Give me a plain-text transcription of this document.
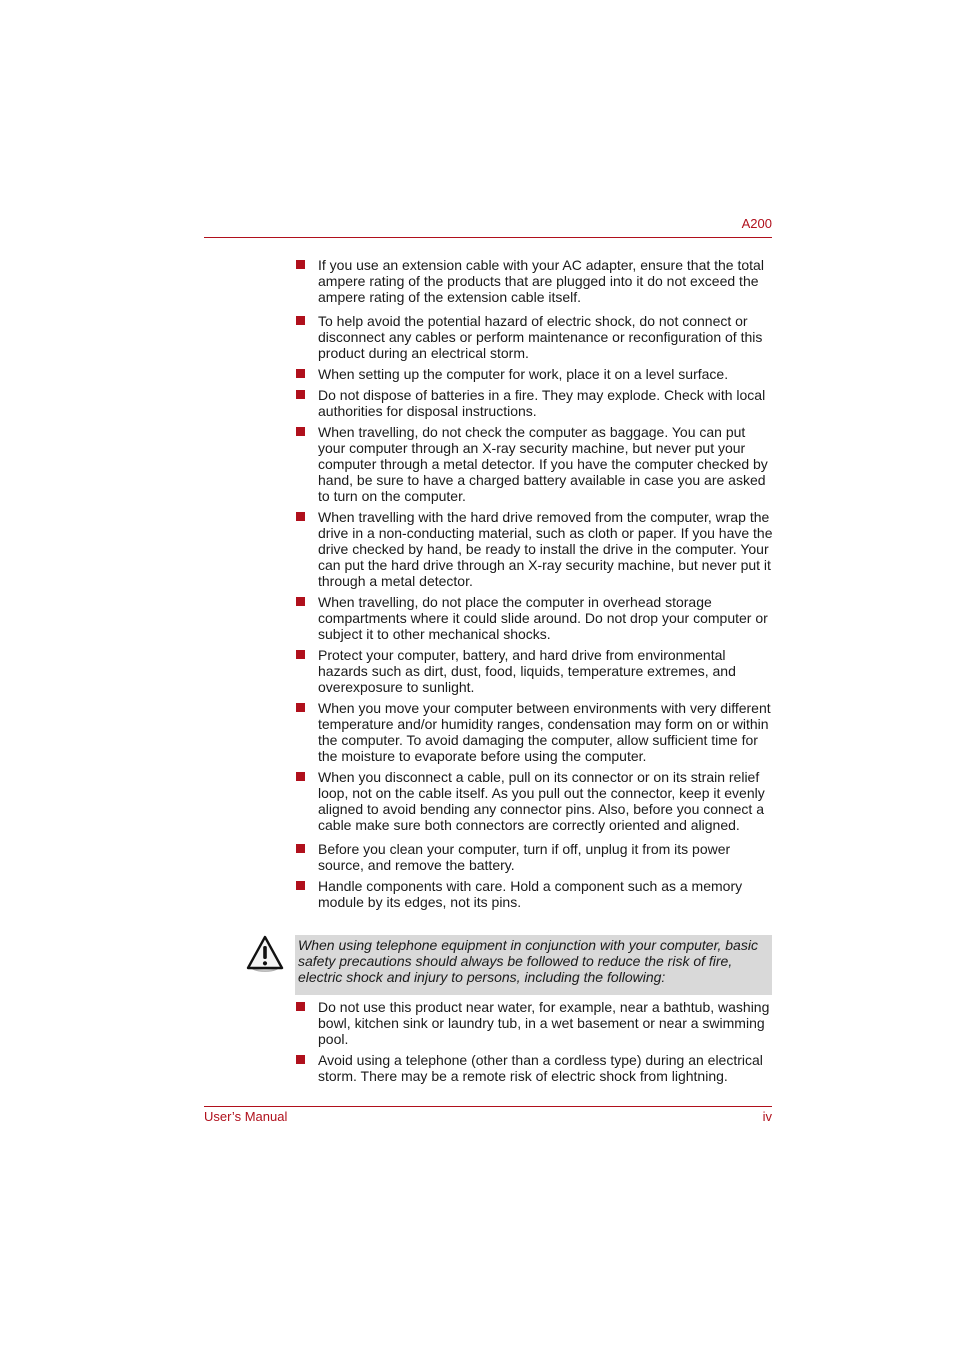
A200
If you use an extension cable with your AC adapter, ensure that the total ampere rating of the products that are plugged into it do not exceed the ampere rating of the extension cable itself.
To help avoid the potential hazard of electric shock, do not connect or disconnect any cables or perform maintenance or reconfiguration of this product during an electrical storm.
When setting up the computer for work, place it on a level surface.
Do not dispose of batteries in a fire. They may explode. Check with local authorities for disposal instructions.
When travelling, do not check the computer as baggage. You can put your computer through an X-ray security machine, but never put your computer through a metal detector. If you have the computer checked by hand, be sure to have a charged battery available in case you are asked to turn on the computer.
When travelling with the hard drive removed from the computer, wrap the drive in a non-conducting material, such as cloth or paper. If you have the drive checked by hand, be ready to install the drive in the computer. Your can put the hard drive through an X-ray security machine, but never put it through a metal detector.
When travelling, do not place the computer in overhead storage compartments where it could slide around. Do not drop your computer or subject it to other mechanical shocks.
Protect your computer, battery, and hard drive from environmental hazards such as dirt, dust, food, liquids, temperature extremes, and overexposure to sunlight.
When you move your computer between environments with very different temperature and/or humidity ranges, condensation may form on or within the computer. To avoid damaging the computer, allow sufficient time for the moisture to evaporate before using the computer.
When you disconnect a cable, pull on its connector or on its strain relief loop, not on the cable itself. As you pull out the connector, keep it evenly aligned to avoid bending any connector pins. Also, before you connect a cable make sure both connectors are correctly oriented and aligned.
Before you clean your computer, turn if off, unplug it from its power source, and remove the battery.
Handle components with care. Hold a component such as a memory module by its edges, not its pins.
When using telephone equipment in conjunction with your computer, basic safety precautions should always be followed to reduce the risk of fire, electric shock and injury to persons, including the following:
Do not use this product near water, for example, near a bathtub, washing bowl, kitchen sink or laundry tub, in a wet basement or near a swimming pool.
Avoid using a telephone (other than a cordless type) during an electrical storm. There may be a remote risk of electric shock from lightning.
User’s Manual	iv
